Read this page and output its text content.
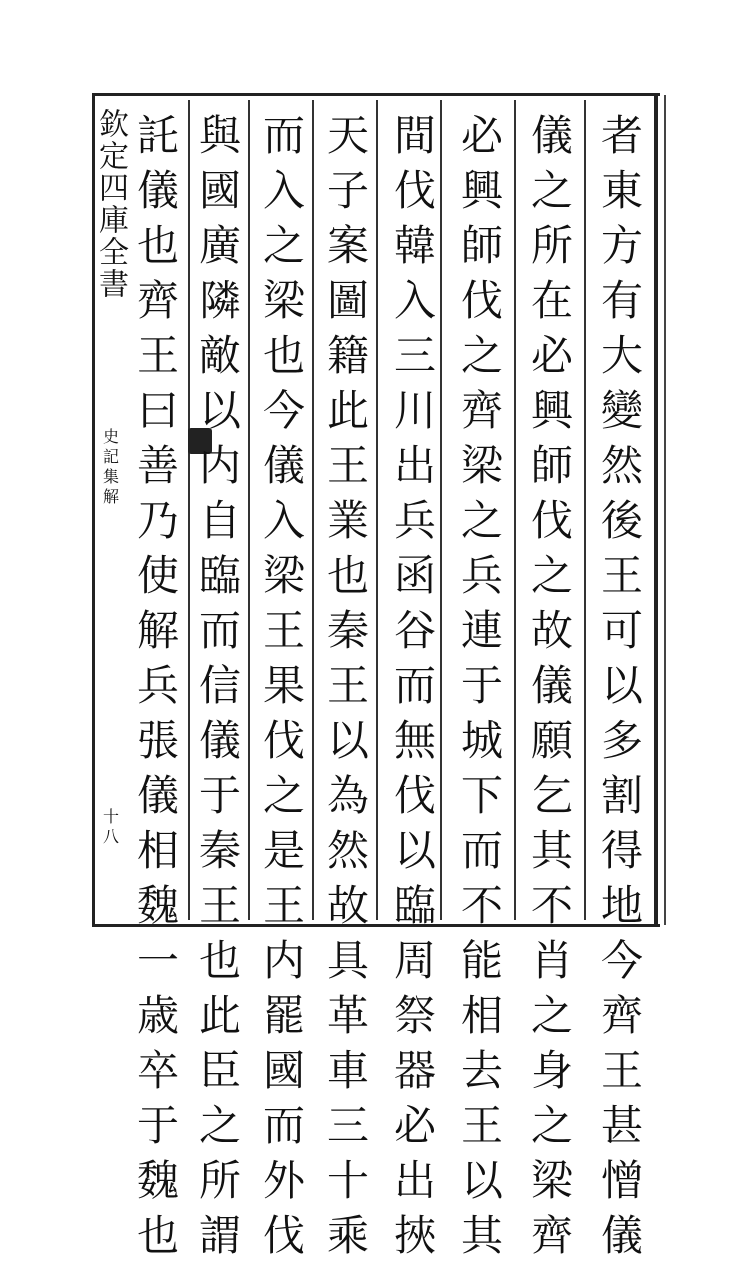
欽定四庫全書
史記集解
十八
者
東
方
有
大
變
然
後
王
可
以
多
割
得
地
今
齊
王
甚
憎
儀
儀
之
所
在
必
興
師
伐
之
故
儀
願
乞
其
不
肖
之
身
之
梁
齊
必
興
師
伐
之
齊
梁
之
兵
連
于
城
下
而
不
能
相
去
王
以
其
間
伐
韓
入
三
川
出
兵
函
谷
而
無
伐
以
臨
周
祭
器
必
出
挾
天
子
案
圖
籍
此
王
業
也
秦
王
以
為
然
故
具
革
車
三
十
乘
而
入
之
梁
也
今
儀
入
梁
王
果
伐
之
是
王
内
罷
國
而
外
伐
與
國
廣
隣
敵
以
内
自
臨
而
信
儀
于
秦
王
也
此
臣
之
所
謂
託
儀
也
齊
王
曰
善
乃
使
解
兵
張
儀
相
魏
一
歳
卒
于
魏
也
